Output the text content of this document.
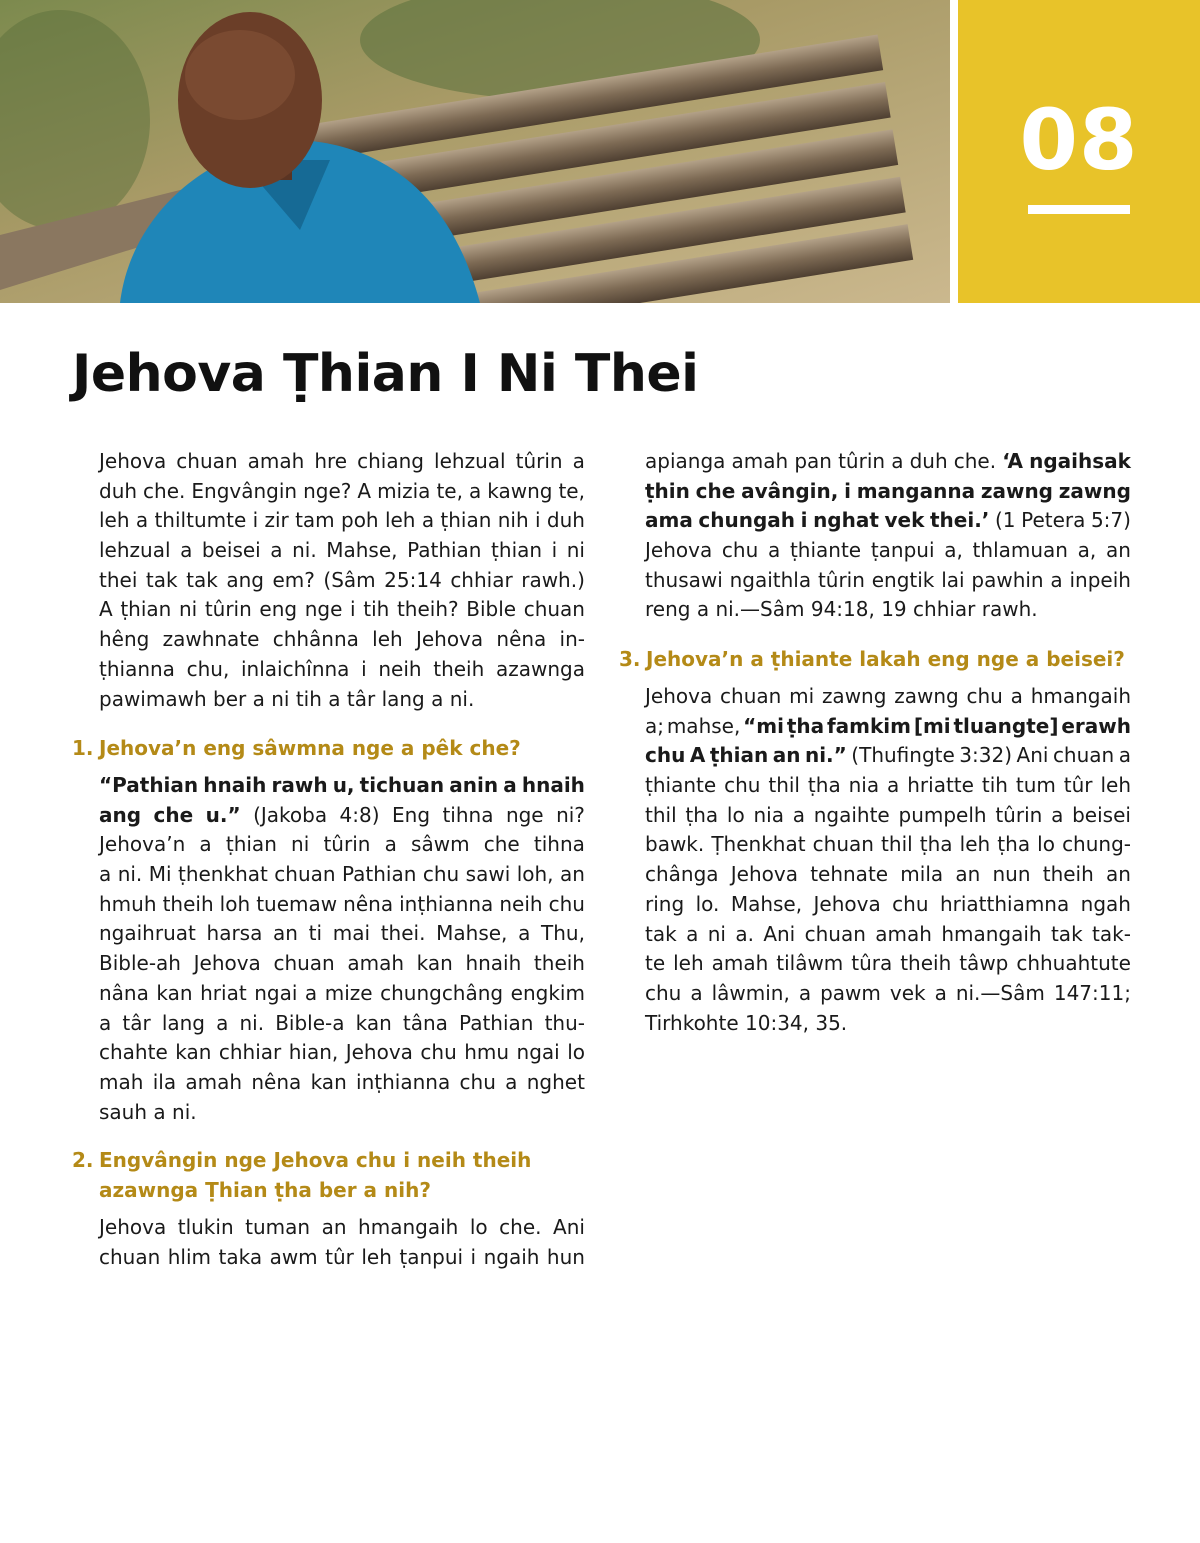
08
Jehova Ṭhian I Ni Thei
Jehova chuan amah hre chiang lehzual tûrin a
duh che. Engvângin nge? A mizia te, a kawng te,
leh a thiltumte i zir tam poh leh a ṭhian nih i duh
lehzual a beisei a ni. Mahse, Pathian ṭhian i ni
thei tak tak ang em? (Sâm 25:14 chhiar rawh.)
A ṭhian ni tûrin eng nge i tih theih? Bible chuan
hêng zawhnate chhânna leh Jehova nêna in-
ṭhianna chu, inlaichînna i neih theih azawnga
pawimawh ber a ni tih a târ lang a ni.
1. Jehova’n eng sâwmna nge a pêk che?
“Pathian hnaih rawh u, tichuan anin a hnaih
ang che u.” (Jakoba 4:8) Eng tihna nge ni?
Jehova’n a ṭhian ni tûrin a sâwm che tihna
a ni. Mi ṭhenkhat chuan Pathian chu sawi loh, an
hmuh theih loh tuemaw nêna inṭhianna neih chu
ngaihruat harsa an ti mai thei. Mahse, a Thu,
Bible-ah Jehova chuan amah kan hnaih theih
nâna kan hriat ngai a mize chungchâng engkim
a târ lang a ni. Bible-a kan tâna Pathian thu-
chahte kan chhiar hian, Jehova chu hmu ngai lo
mah ila amah nêna kan inṭhianna chu a nghet
sauh a ni.
2. Engvângin nge Jehova chu i neih theih
azawnga Ṭhian ṭha ber a nih?
Jehova tlukin tuman an hmangaih lo che. Ani
chuan hlim taka awm tûr leh ṭanpui i ngaih hun
apianga amah pan tûrin a duh che. ‘A ngaihsak
ṭhin che avângin, i manganna zawng zawng
ama chungah i nghat vek thei.’ (1 Petera 5:7)
Jehova chu a ṭhiante ṭanpui a, thlamuan a, an
thusawi ngaithla tûrin engtik lai pawhin a inpeih
reng a ni.—Sâm 94:18, 19 chhiar rawh.
3. Jehova’n a ṭhiante lakah eng nge a beisei?
Jehova chuan mi zawng zawng chu a hmangaih
a; mahse, “mi ṭha famkim [mi tluangte] erawh
chu A ṭhian an ni.” (Thufingte 3:32) Ani chuan a
ṭhiante chu thil ṭha nia a hriatte tih tum tûr leh
thil ṭha lo nia a ngaihte pumpelh tûrin a beisei
bawk. Ṭhenkhat chuan thil ṭha leh ṭha lo chung-
chânga Jehova tehnate mila an nun theih an
ring lo. Mahse, Jehova chu hriatthiamna ngah
tak a ni a. Ani chuan amah hmangaih tak tak-
te leh amah tilâwm tûra theih tâwp chhuahtute
chu a lâwmin, a pawm vek a ni.—Sâm 147:11;
Tirhkohte 10:34, 35.
